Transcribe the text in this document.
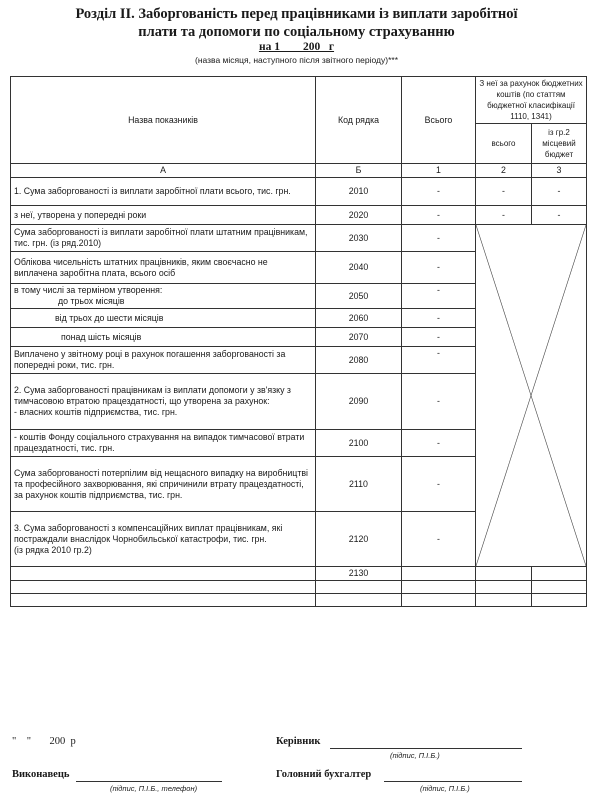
Розділ ІІ. Заборгованість перед працівниками із виплати заробітної
плати та допомоги по соціальному страхуванню
на 1        200   г
(назва місяця, наступного після звітного періоду)***
Назва показників	Код рядка	Всього	З неї за рахунок бюджетних коштів (по статтям бюджетної класифікації 1110, 1341)		
			всього	із гр.2 місцевий бюджет	
А	Б	1	2	3	
1. Сума заборгованості із виплати заробітної плати всього, тис. грн.	2010	-	-	-	
з неї, утворена у попередні роки	2020	-	-	-	
Сума заборгованості із виплати заробітної плати штатним працівникам, тис. грн. (із ряд.2010)	2030	-	

Облікова чисельність штатних працівників, яким своєчасно не виплачена заробітна плата, всього осіб	2040	-			

в тому числі за терміном утворення:
до трьох місяців	2050	-			
від трьох до шести місяців	2060	-			
понад шість місяців	2070	-			
Виплачено у звітному році в рахунок погашення заборгованості за попередні роки, тис. грн.	2080	-			

2. Сума заборгованості працівникам із виплати допомоги у зв'язку з тимчасовою втратою працездатності, що утворена за рахунок:
- власних коштів підприємства, тис. грн.	2090	-			
- коштів Фонду соціального страхування на випадок тимчасової втрати працездатності, тис. грн.	2100	-			
Сума заборгованості потерпілим від нещасного випадку на виробництві та професійного захворювання, які спричинили втрату працездатності, за рахунок коштів підприємства, тис. грн.	2110	-			

3. Сума заборгованості з компенсаційних виплат працівникам, які постраждали внаслідок Чорнобильської катастрофи, тис. грн.
(із рядка 2010 гр.2)	2120	-			
	2130				

"    "       200  р	Керівник
(підпис, П.І.Б.)
Виконавець
(підпис, П.І.Б., телефон)
Головний бухгалтер
(підпис, П.І.Б.)
